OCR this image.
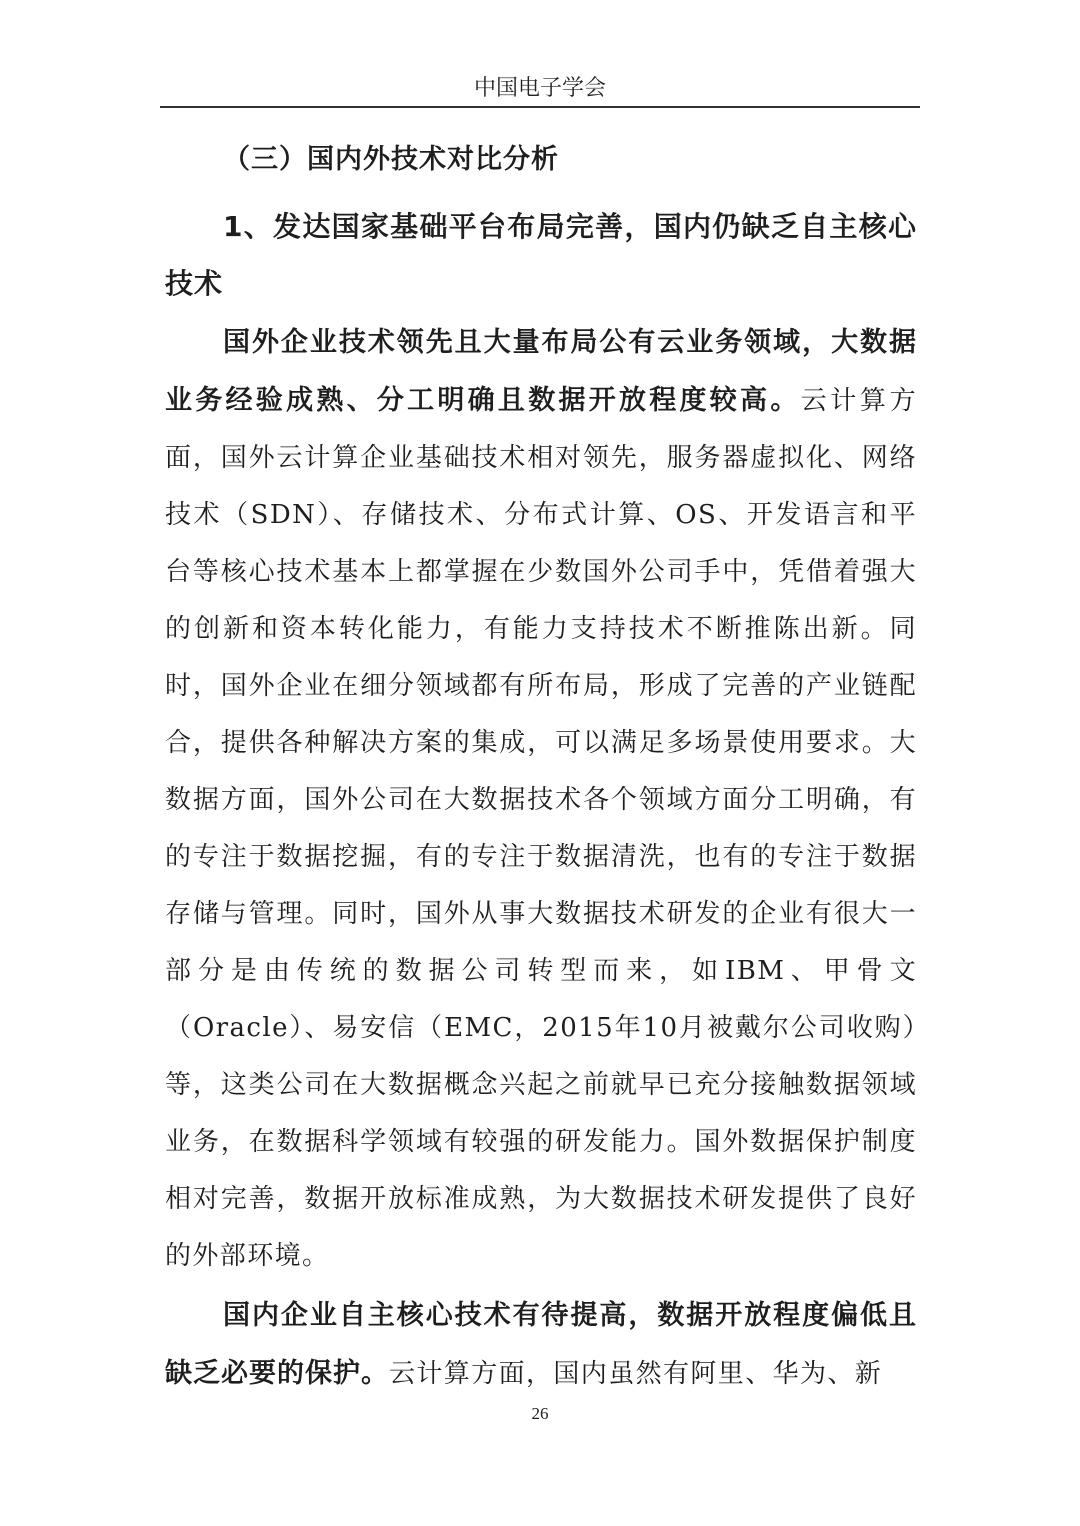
中国电子学会
（三）国内外技术对比分析
1、发达国家基础平台布局完善，国内仍缺乏自主核心技术

国外企业技术领先且大量布局公有云业务领域，大数据业务经验成熟、分工明确且数据开放程度较高。云计算方面，国外云计算企业基础技术相对领先，服务器虚拟化、网络技术（SDN）、存储技术、分布式计算、OS、开发语言和平台等核心技术基本上都掌握在少数国外公司手中，凭借着强大的创新和资本转化能力，有能力支持技术不断推陈出新。同时，国外企业在细分领域都有所布局，形成了完善的产业链配合，提供各种解决方案的集成，可以满足多场景使用要求。大数据方面，国外公司在大数据技术各个领域方面分工明确，有的专注于数据挖掘，有的专注于数据清洗，也有的专注于数据存储与管理。同时，国外从事大数据技术研发的企业有很大一部分是由传统的数据公司转型而来，如IBM、甲骨文（Oracle）、易安信（EMC，2015年10月被戴尔公司收购）等，这类公司在大数据概念兴起之前就早已充分接触数据领域业务，在数据科学领域有较强的研发能力。国外数据保护制度相对完善，数据开放标准成熟，为大数据技术研发提供了良好的外部环境。

国内企业自主核心技术有待提高，数据开放程度偏低且缺乏必要的保护。云计算方面，国内虽然有阿里、华为、新

26
